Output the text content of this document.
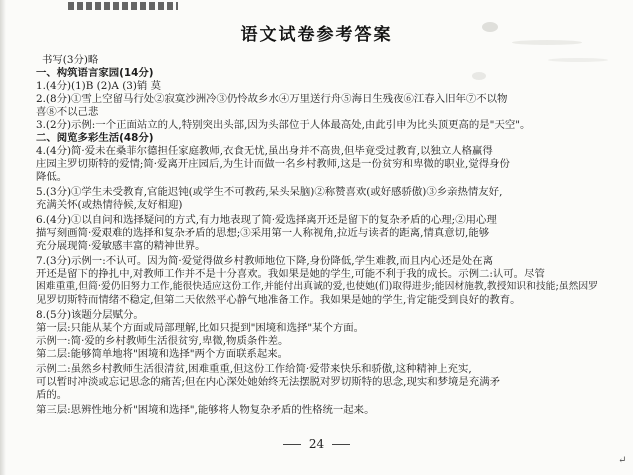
语文试卷参考答案
书写(3分)略
一、构筑语言家园(14分)
1.(4分)(1)B (2)A (3)销 莫
2.(8分)①雪上空留马行处②寂寞沙洲冷③仍怜故乡水④万里送行舟⑤海日生残夜⑥江春入旧年⑦不以物
喜⑧不以己悲
3.(2分)示例:一个正面站立的人,特别突出头部,因为头部位于人体最高处,由此引申为比头顶更高的是"天空"。
二、阅览多彩生活(48分)
4.(4分)简·爱未在桑菲尔德担任家庭教师,衣食无忧,虽出身并不高贵,但毕竟受过教育,以独立人格赢得
庄园主罗切斯特的爱情;简·爱离开庄园后,为生计而做一名乡村教师,这是一份贫穷和卑微的职业,觉得身份
降低。
5.(3分)①学生未受教育,官能迟钝(或学生不可教药,呆头呆脑)②称赞喜欢(或好感骄傲)③乡亲热情友好,
充满关怀(或热情待候,友好相迎)
6.(4分)①以自问和选择疑问的方式,有力地表现了简·爱选择离开还是留下的复杂矛盾的心理;②用心理
描写刻画简·爱艰难的选择和复杂矛盾的思想;③采用第一人称视角,拉近与读者的距离,情真意切,能够
充分展现简·爱敏感丰富的精神世界。
7.(3分)示例一:不认可。因为简·爱觉得做乡村教师地位下降,身份降低,学生难教,而且内心还是处在离
开还是留下的挣扎中,对教师工作并不是十分喜欢。我如果是她的学生,可能不利于我的成长。示例二:认可。尽管
困难重重,但简·爱仍旧努力工作,能很快适应这份工作,并能付出真诚的爱,也使她(们)取得进步;能因材施教,教授知识和技能;虽然因罗
见罗切斯特而情绪不稳定,但第二天依然平心静气地准备工作。我如果是她的学生,肯定能受到良好的教育。
8.(5分)该题分层赋分。
第一层:只能从某个方面或局部理解,比如只提到"困境和选择"某个方面。
示例一:简·爱的乡村教师生活很贫穷,卑微,物质条件差。
第二层:能够简单地将"困境和选择"两个方面联系起来。
示例二:虽然乡村教师生活很清贫,困难重重,但这份工作给简·爱带来快乐和骄傲,这种精神上充实,
可以暂时冲淡或忘记思念的痛苦;但在内心深处她始终无法摆脱对罗切斯特的思念,现实和梦境是充满矛
盾的。
第三层:思辨性地分析"困境和选择",能够将人物复杂矛盾的性格统一起来。
24
↵
